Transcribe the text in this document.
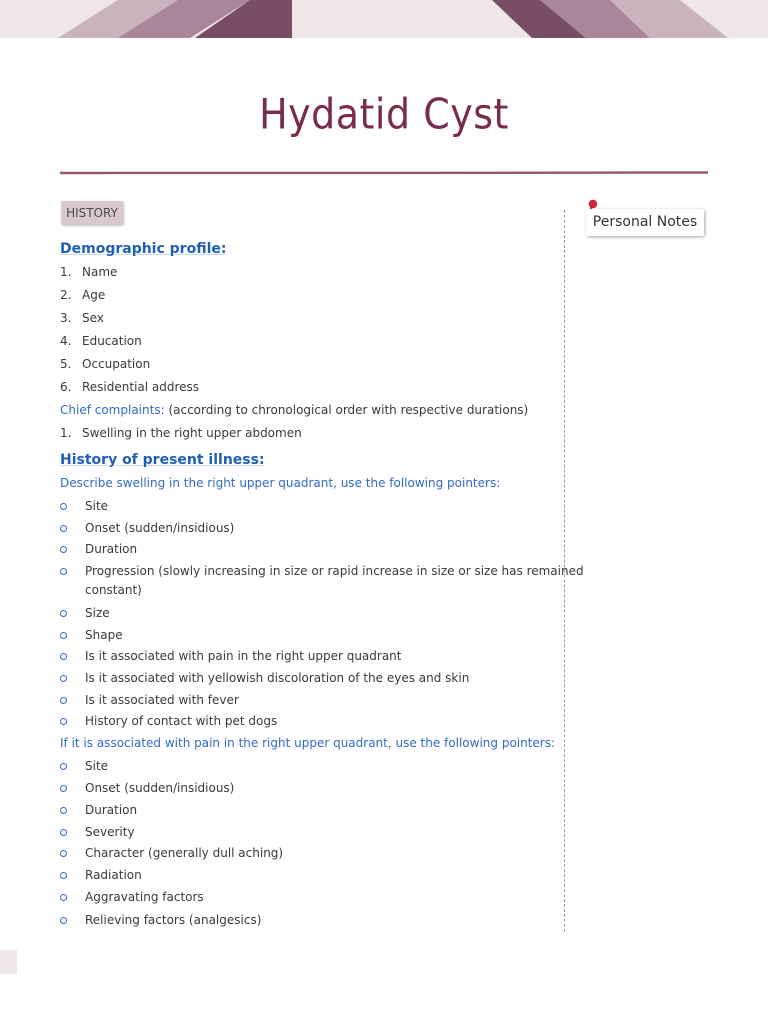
Hydatid Cyst
HISTORY
Personal Notes
Demographic profile:
1. Name
2. Age
3. Sex
4. Education
5. Occupation
6. Residential address
Chief complaints: (according to chronological order with respective durations)
1. Swelling in the right upper abdomen
History of present illness:
Describe swelling in the right upper quadrant, use the following pointers:
Site
Onset (sudden/insidious)
Duration
Progression (slowly increasing in size or rapid increase in size or size has remained
constant)
Size
Shape
Is it associated with pain in the right upper quadrant
Is it associated with yellowish discoloration of the eyes and skin
Is it associated with fever
History of contact with pet dogs
If it is associated with pain in the right upper quadrant, use the following pointers:
Site
Onset (sudden/insidious)
Duration
Severity
Character (generally dull aching)
Radiation
Aggravating factors
Relieving factors (analgesics)
